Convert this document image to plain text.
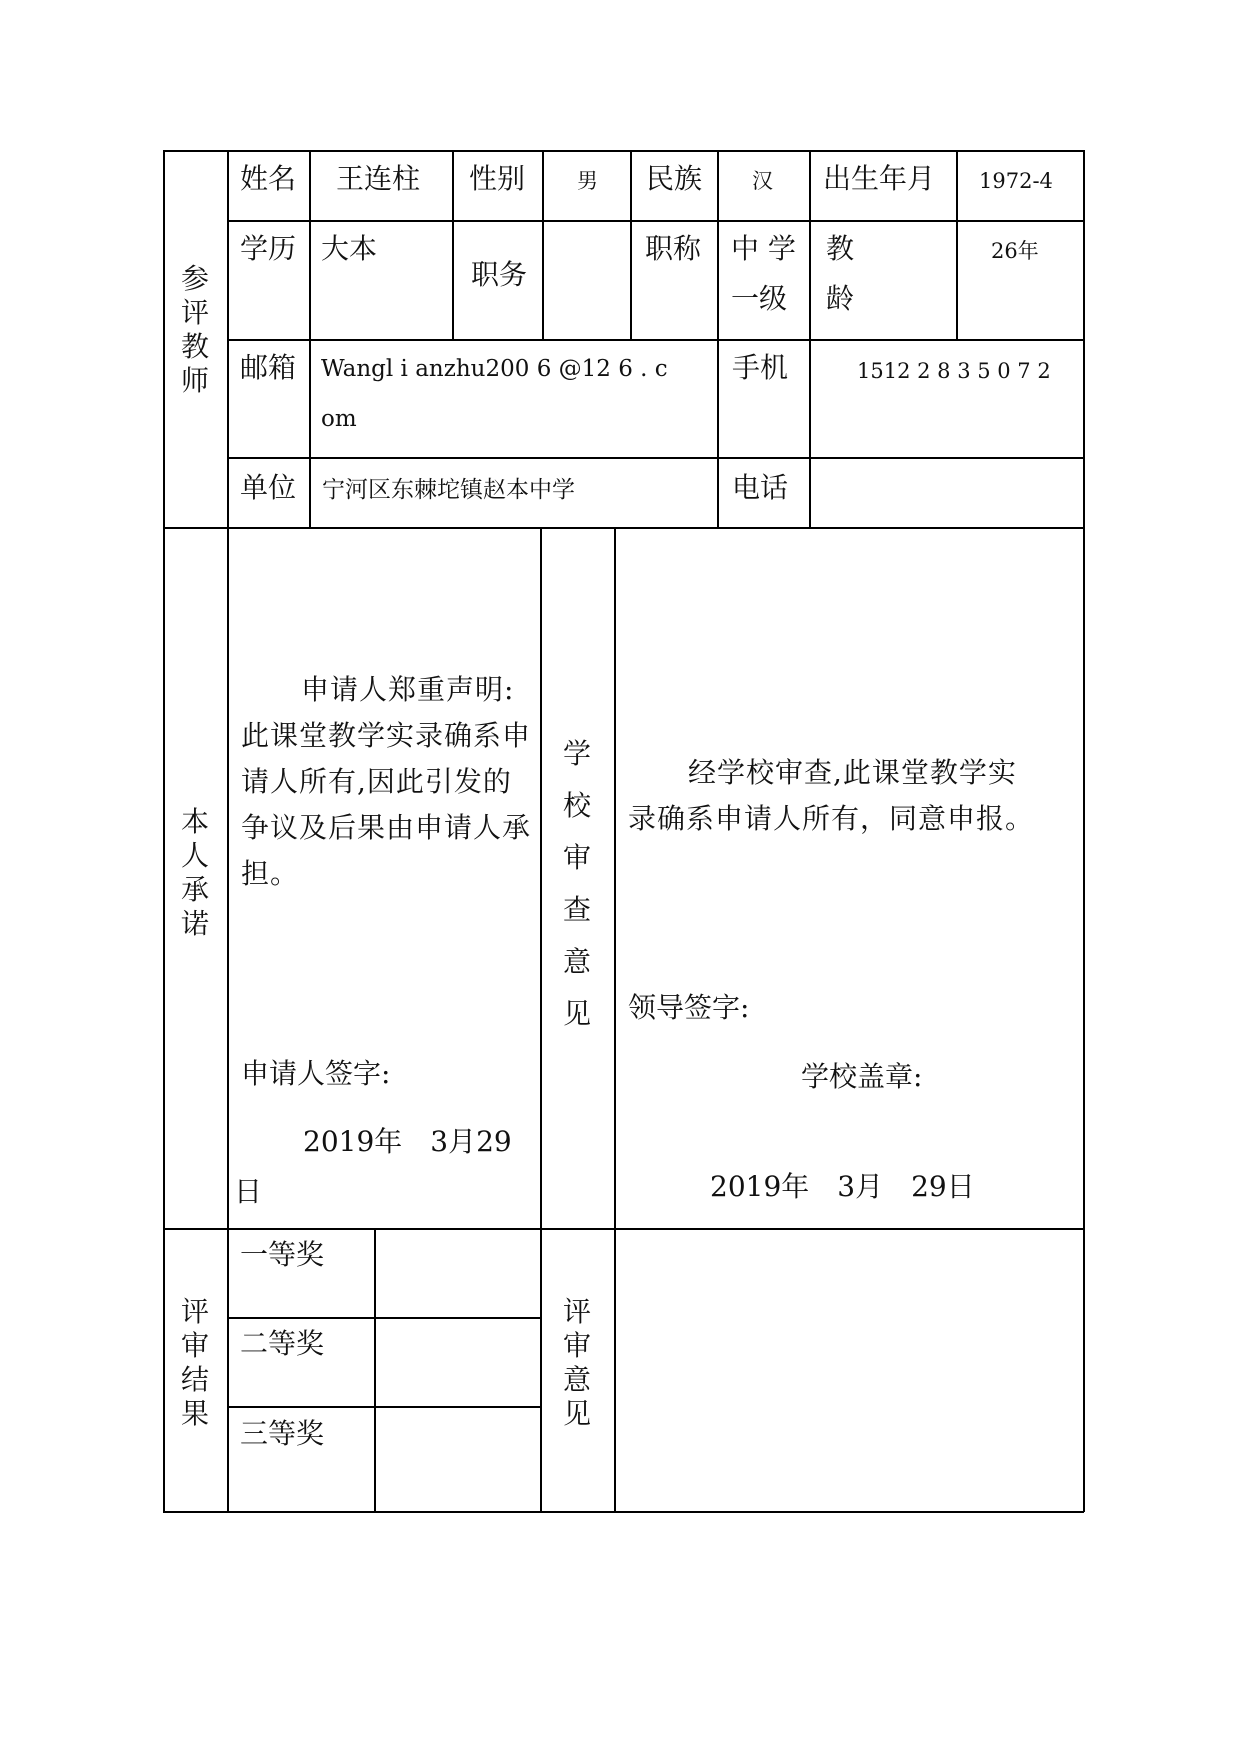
参评教师
姓名 王连柱 性别 男 民族 汉 出生年月 1972-4
学历 大本
职务
职称 中 学
一级
教
龄
26年
邮箱 Wangl i anzhu200 6 @12 6 . c
om
手机	1512 2 8 3 5 0 7 2
单位 宁河区东棘坨镇赵本中学	电话
本人承诺
申请人郑重声明:此课堂教学实录确系申请人所有,因此引发的争议及后果由申请人承担。
申请人签字:
2019年　3月29
日
学校审查意见
经学校审查,此课堂教学实录确系申请人所有，同意申报。
领导签字:
学校盖章:
2019年　3月　29日
评审结果
一等奖
二等奖
三等奖
评审意见
